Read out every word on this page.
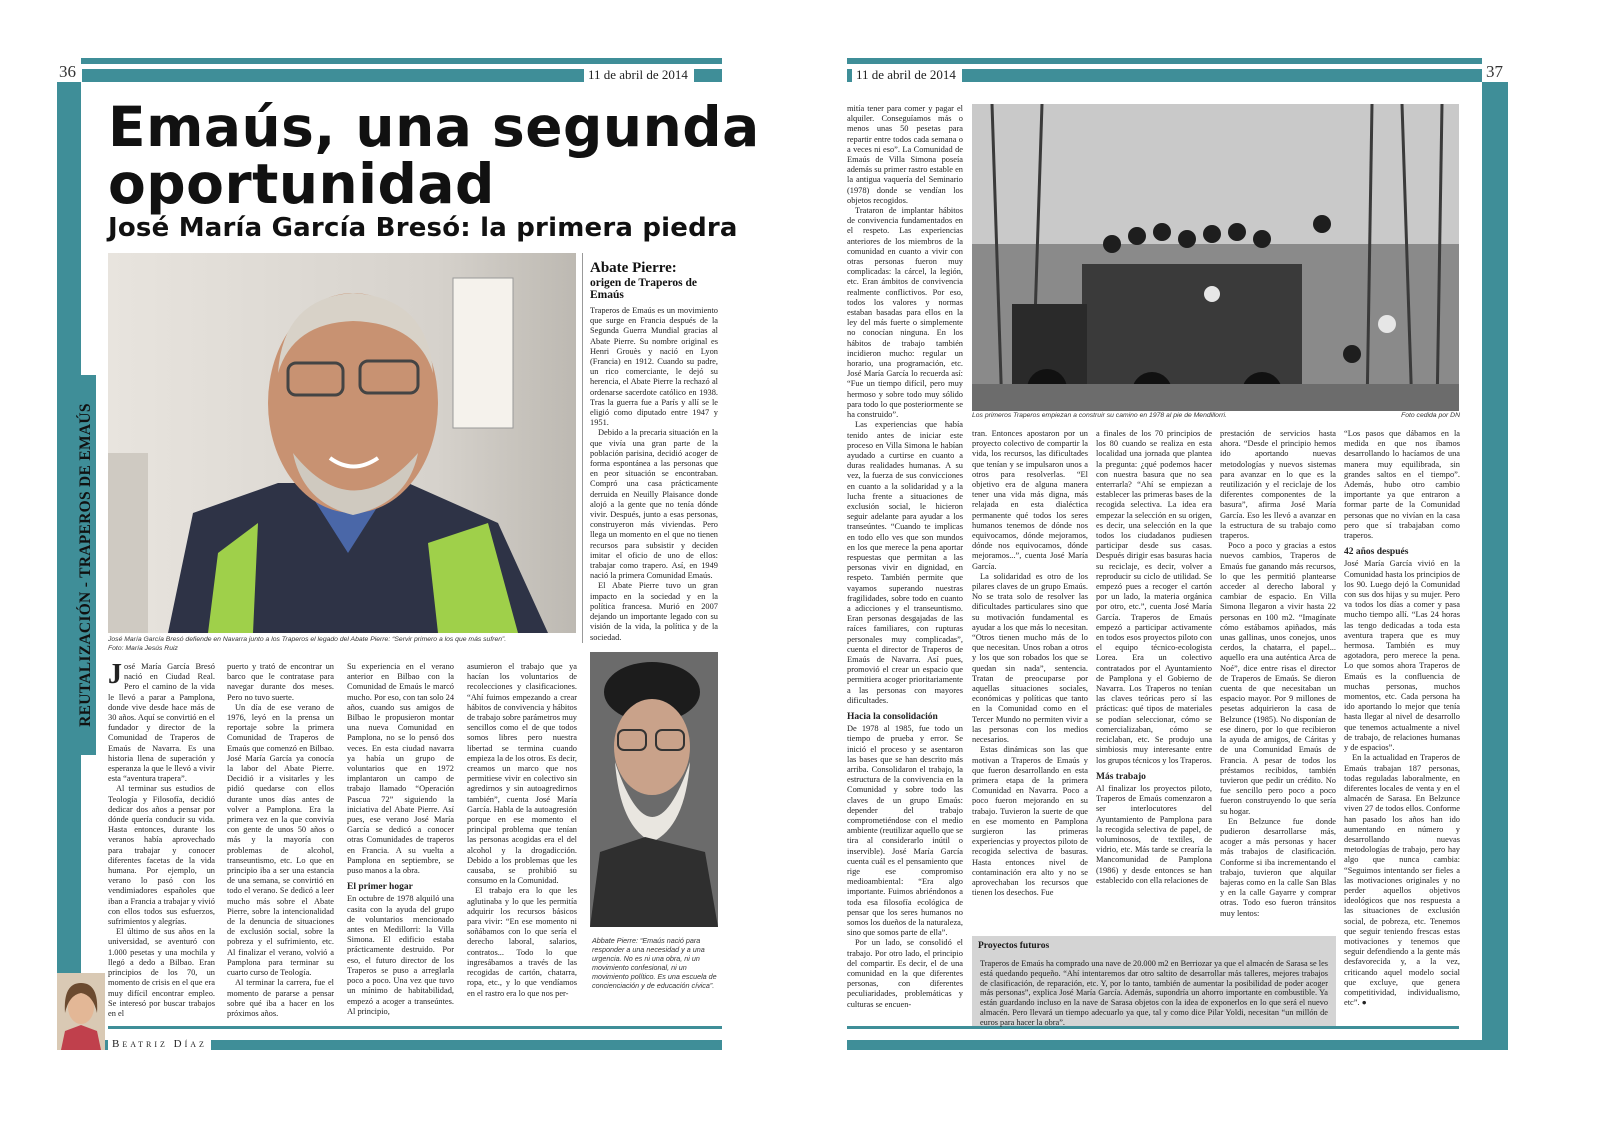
36	11 de abril de 2014
REUTALIZACIÓN - TRAPEROS DE EMAÚS
Emaús, una segunda
oportunidad
José María García Bresó: la primera piedra
José María García Bresó defiende en Navarra junto a los Traperos el legado del Abate Pierre: “Servir primero a los que más sufren”.
Foto: María Jesús Ruiz
Abate Pierre:
origen de Traperos de Emaús

Traperos de Emaús es un movimiento que surge en Francia después de la Segunda Guerra Mundial gracias al Abate Pierre. Su nombre original es Henri Grouès y nació en Lyon (Francia) en 1912. Cuando su padre, un rico comerciante, le dejó su herencia, el Abate Pierre la rechazó al ordenarse sacerdote católico en 1938. Tras la guerra fue a París y allí se le eligió como diputado entre 1947 y 1951.

Debido a la precaria situación en la que vivía una gran parte de la población parisina, decidió acoger de forma espontánea a las personas que en peor situación se encontraban. Compró una casa prácticamente derruida en Neuilly Plaisance donde alojó a la gente que no tenía dónde vivir. Después, junto a esas personas, construyeron más viviendas. Pero llega un momento en el que no tienen recursos para subsistir y deciden imitar el oficio de uno de ellos: trabajar como trapero. Así, en 1949 nació la primera Comunidad Emaús.

El Abate Pierre tuvo un gran impacto en la sociedad y en la política francesa. Murió en 2007 dejando un importante legado con su visión de la vida, la política y de la sociedad.

Abbate Pierre: “Emaús nació para responder a una necesidad y a una urgencia. No es ni una obra, ni un movimiento confesional, ni un movimiento político. Es una escuela de concienciación y de educación cívica”.

José María García Bresó nació en Ciudad Real. Pero el camino de la vida le llevó a parar a Pamplona, donde vive desde hace más de 30 años. Aquí se convirtió en el fundador y director de la Comunidad de Traperos de Emaús de Navarra. Es una historia llena de superación y esperanza la que le llevó a vivir esta “aventura trapera”.

Al terminar sus estudios de Teología y Filosofía, decidió dedicar dos años a pensar por dónde quería conducir su vida. Hasta entonces, durante los veranos había aprovechado para trabajar y conocer diferentes facetas de la vida humana. Por ejemplo, un verano lo pasó con los vendimiadores españoles que iban a Francia a trabajar y vivió con ellos todos sus esfuerzos, sufrimientos y alegrías.

El último de sus años en la universidad, se aventuró con 1.000 pesetas y una mochila y llegó a dedo a Bilbao. Eran principios de los 70, un momento de crisis en el que era muy difícil encontrar empleo. Se interesó por buscar trabajos en el

puerto y trató de encontrar un barco que le contratase para navegar durante dos meses. Pero no tuvo suerte.

Un día de ese verano de 1976, leyó en la prensa un reportaje sobre la primera Comunidad de Traperos de Emaús que comenzó en Bilbao. José María García ya conocía la labor del Abate Pierre. Decidió ir a visitarles y les pidió quedarse con ellos durante unos días antes de volver a Pamplona. Era la primera vez en la que convivía con gente de unos 50 años o más y la mayoría con problemas de alcohol, transeuntismo, etc. Lo que en principio iba a ser una estancia de una semana, se convirtió en todo el verano. Se dedicó a leer mucho más sobre el Abate Pierre, sobre la intencionalidad de la denuncia de situaciones de exclusión social, sobre la pobreza y el sufrimiento, etc. Al finalizar el verano, volvió a Pamplona para terminar su cuarto curso de Teología.

Al terminar la carrera, fue el momento de pararse a pensar sobre qué iba a hacer en los próximos años.

Su experiencia en el verano anterior en Bilbao con la Comunidad de Emaús le marcó mucho. Por eso, con tan solo 24 años, cuando sus amigos de Bilbao le propusieron montar una nueva Comunidad en Pamplona, no se lo pensó dos veces. En esta ciudad navarra ya había un grupo de voluntarios que en 1972 implantaron un campo de trabajo llamado “Operación Pascua 72” siguiendo la iniciativa del Abate Pierre. Así pues, ese verano José María García se dedicó a conocer otras Comunidades de traperos en Francia. A su vuelta a Pamplona en septiembre, se puso manos a la obra.

El primer hogar

En octubre de 1978 alquiló una casita con la ayuda del grupo de voluntarios mencionado antes en Medillorri: la Villa Simona. El edificio estaba prácticamente destruido. Por eso, el futuro director de los Traperos se puso a arreglarla poco a poco. Una vez que tuvo un mínimo de habitabilidad, empezó a acoger a transeúntes. Al principio,

asumieron el trabajo que ya hacían los voluntarios de recolecciones y clasificaciones. “Ahí fuimos empezando a crear hábitos de convivencia y hábitos de trabajo sobre parámetros muy sencillos como el de que todos somos libres pero nuestra libertad se termina cuando empieza la de los otros. Es decir, creamos un marco que nos permitiese vivir en colectivo sin agredirnos y sin autoagredirnos también”, cuenta José María García. Habla de la autoagresión porque en ese momento el principal problema que tenían las personas acogidas era el del alcohol y la drogadicción. Debido a los problemas que les causaba, se prohibió su consumo en la Comunidad.

El trabajo era lo que les aglutinaba y lo que les permitía adquirir los recursos básicos para vivir: “En ese momento ni soñábamos con lo que sería el derecho laboral, salarios, contratos... Todo lo que ingresábamos a través de las recogidas de cartón, chatarra, ropa, etc., y lo que vendíamos en el rastro era lo que nos per-

Beatriz Díaz
37
11 de abril de 2014
Los primeros Traperos empiezan a construir su camino en 1978 al pie de Mendillorri.	Foto cedida por DN

mitía tener para comer y pagar el alquiler. Conseguíamos más o menos unas 50 pesetas para repartir entre todos cada semana o a veces ni eso”. La Comunidad de Emaús de Villa Simona poseía además su primer rastro estable en la antigua vaquería del Seminario (1978) donde se vendían los objetos recogidos.

Trataron de implantar hábitos de convivencia fundamentados en el respeto. Las experiencias anteriores de los miembros de la comunidad en cuanto a vivir con otras personas fueron muy complicadas: la cárcel, la legión, etc. Eran ámbitos de convivencia realmente conflictivos. Por eso, todos los valores y normas estaban basadas para ellos en la ley del más fuerte o simplemente no conocían ninguna. En los hábitos de trabajo también incidieron mucho: regular un horario, una programación, etc. José María García lo recuerda así: “Fue un tiempo difícil, pero muy hermoso y sobre todo muy sólido para todo lo que posteriormente se ha construido”.

Las experiencias que había tenido antes de iniciar este proceso en Villa Simona le habían ayudado a curtirse en cuanto a duras realidades humanas. A su vez, la fuerza de sus convicciones en cuanto a la solidaridad y a la lucha frente a situaciones de exclusión social, le hicieron seguir adelante para ayudar a los transeúntes. “Cuando te implicas en todo ello ves que son mundos en los que merece la pena aportar respuestas que permitan a las personas vivir en dignidad, en respeto. También permite que vayamos superando nuestras fragilidades, sobre todo en cuanto a adicciones y el transeuntismo. Eran personas desgajadas de las raíces familiares, con rupturas personales muy complicadas”, cuenta el director de Traperos de Emaús de Navarra. Así pues, promovió el crear un espacio que permitiera acoger prioritariamente a las personas con mayores dificultades.

Hacia la consolidación

De 1978 al 1985, fue todo un tiempo de prueba y error. Se inició el proceso y se asentaron las bases que se han descrito más arriba. Consolidaron el trabajo, la estructura de la convivencia en la Comunidad y sobre todo las claves de un grupo Emaús: depender del trabajo comprometiéndose con el medio ambiente (reutilizar aquello que se tira al considerarlo inútil o inservible). José María García cuenta cuál es el pensamiento que rige ese compromiso medioambiental: “Era algo importante. Fuimos abriéndonos a toda esa filosofía ecológica de pensar que los seres humanos no somos los dueños de la naturaleza, sino que somos parte de ella”.

Por un lado, se consolidó el trabajo. Por otro lado, el principio del compartir. Es decir, el de una comunidad en la que diferentes personas, con diferentes peculiaridades, problemáticas y culturas se encuen-

tran. Entonces apostaron por un proyecto colectivo de compartir la vida, los recursos, las dificultades que tenían y se impulsaron unos a otros para resolverlas. “El objetivo era de alguna manera tener una vida más digna, más relajada en esta dialéctica permanente qué todos los seres humanos tenemos de dónde nos equivocamos, dónde mejoramos, dónde nos equivocamos, dónde mejoramos...”, cuenta José María García.

La solidaridad es otro de los pilares claves de un grupo Emaús. No se trata solo de resolver las dificultades particulares sino que su motivación fundamental es ayudar a los que más lo necesitan. “Otros tienen mucho más de lo que necesitan. Unos roban a otros y los que son robados los que se quedan sin nada”, sentencia. Tratan de preocuparse por aquellas situaciones sociales, económicas y políticas que tanto en la Comunidad como en el Tercer Mundo no permiten vivir a las personas con los medios necesarios.

Estas dinámicas son las que motivan a Traperos de Emaús y que fueron desarrollando en esta primera etapa de la primera Comunidad en Navarra. Poco a poco fueron mejorando en su trabajo. Tuvieron la suerte de que en ese momento en Pamplona surgieron las primeras experiencias y proyectos piloto de recogida selectiva de basuras. Hasta entonces nivel de contaminación era alto y no se aprovechaban los recursos que tienen los desechos. Fue

a finales de los 70 principios de los 80 cuando se realiza en esta localidad una jornada que plantea la pregunta: ¿qué podemos hacer con nuestra basura que no sea enterrarla? “Ahí se empiezan a establecer las primeras bases de la recogida selectiva. La idea era empezar la selección en su origen, es decir, una selección en la que todos los ciudadanos pudiesen participar desde sus casas. Después dirigir esas basuras hacia su reciclaje, es decir, volver a reproducir su ciclo de utilidad. Se empezó pues a recoger el cartón por un lado, la materia orgánica por otro, etc.”, cuenta José María García. Traperos de Emaús empezó a participar activamente en todos esos proyectos piloto con el equipo técnico-ecologista Lorea. Era un colectivo contratados por el Ayuntamiento de Pamplona y el Gobierno de Navarra. Los Traperos no tenían las claves teóricas pero sí las prácticas: qué tipos de materiales se podían seleccionar, cómo se comercializaban, cómo se reciclaban, etc. Se produjo una simbiosis muy interesante entre los grupos técnicos y los Traperos.

Más trabajo

Al finalizar los proyectos piloto, Traperos de Emaús comenzaron a ser interlocutores del Ayuntamiento de Pamplona para la recogida selectiva de papel, de voluminosos, de textiles, de vidrio, etc. Más tarde se crearía la Mancomunidad de Pamplona (1986) y desde entonces se han establecido con ella relaciones de

prestación de servicios hasta ahora. “Desde el principio hemos ido aportando nuevas metodologías y nuevos sistemas para avanzar en lo que es la reutilización y el reciclaje de los diferentes componentes de la basura”, afirma José María García. Eso les llevó a avanzar en la estructura de su trabajo como traperos.

Poco a poco y gracias a estos nuevos cambios, Traperos de Emaús fue ganando más recursos, lo que les permitió plantearse acceder al derecho laboral y cambiar de espacio. En Villa Simona llegaron a vivir hasta 22 personas en 100 m2. “Imagínate cómo estábamos apiñados, más unas gallinas, unos conejos, unos cerdos, la chatarra, el papel... aquello era una auténtica Arca de Noé”, dice entre risas el director de Traperos de Emaús. Se dieron cuenta de que necesitaban un espacio mayor. Por 9 millones de pesetas adquirieron la casa de Belzunce (1985). No disponían de ese dinero, por lo que recibieron la ayuda de amigos, de Cáritas y de una Comunidad Emaús de Francia. A pesar de todos los préstamos recibidos, también tuvieron que pedir un crédito. No fue sencillo pero poco a poco fueron construyendo lo que sería su hogar.

En Belzunce fue donde pudieron desarrollarse más, acoger a más personas y hacer más trabajos de clasificación. Conforme si iba incrementando el trabajo, tuvieron que alquilar bajeras como en la calle San Blas y en la calle Gayarre y comprar otras. Todo eso fueron tránsitos muy lentos:

“Los pasos que dábamos en la medida en que nos íbamos desarrollando lo hacíamos de una manera muy equilibrada, sin grandes saltos en el tiempo”. Además, hubo otro cambio importante ya que entraron a formar parte de la Comunidad personas que no vivían en la casa pero que sí trabajaban como traperos.

42 años después

José María García vivió en la Comunidad hasta los principios de los 90. Luego dejó la Comunidad con sus dos hijas y su mujer. Pero va todos los días a comer y pasa mucho tiempo allí. “Las 24 horas las tengo dedicadas a toda esta aventura trapera que es muy hermosa. También es muy agotadora, pero merece la pena. Lo que somos ahora Traperos de Emaús es la confluencia de muchas personas, muchos momentos, etc. Cada persona ha ido aportando lo mejor que tenía hasta llegar al nivel de desarrollo que tenemos actualmente a nivel de trabajo, de relaciones humanas y de espacios”.

En la actualidad en Traperos de Emaús trabajan 187 personas, todas reguladas laboralmente, en diferentes locales de venta y en el almacén de Sarasa. En Belzunce viven 27 de todos ellos. Conforme han pasado los años han ido aumentando en número y desarrollando nuevas metodologías de trabajo, pero hay algo que nunca cambia: “Seguimos intentando ser fieles a las motivaciones originales y no perder aquellos objetivos ideológicos que nos respuesta a las situaciones de exclusión social, de pobreza, etc. Tenemos que seguir teniendo frescas estas motivaciones y tenemos que seguir defendiendo a la gente más desfavorecida y, a la vez, criticando aquel modelo social que excluye, que genera competitividad, individualismo, etc”. ●

Proyectos futuros
Traperos de Emaús ha comprado una nave de 20.000 m2 en Berriozar ya que el almacén de Sarasa se les está quedando pequeño. “Ahí intentaremos dar otro saltito de desarrollar más talleres, mejores trabajos de clasificación, de reparación, etc. Y, por lo tanto, también de aumentar la posibilidad de poder acoger más personas”, explica José María García. Además, supondría un ahorro importante en combustible. Ya están guardando incluso en la nave de Sarasa objetos con la idea de exponerlos en lo que será el nuevo almacén. Pero llevará un tiempo adecuarlo ya que, tal y como dice Pilar Yoldi, necesitan “un millón de euros para hacer la obra”.
